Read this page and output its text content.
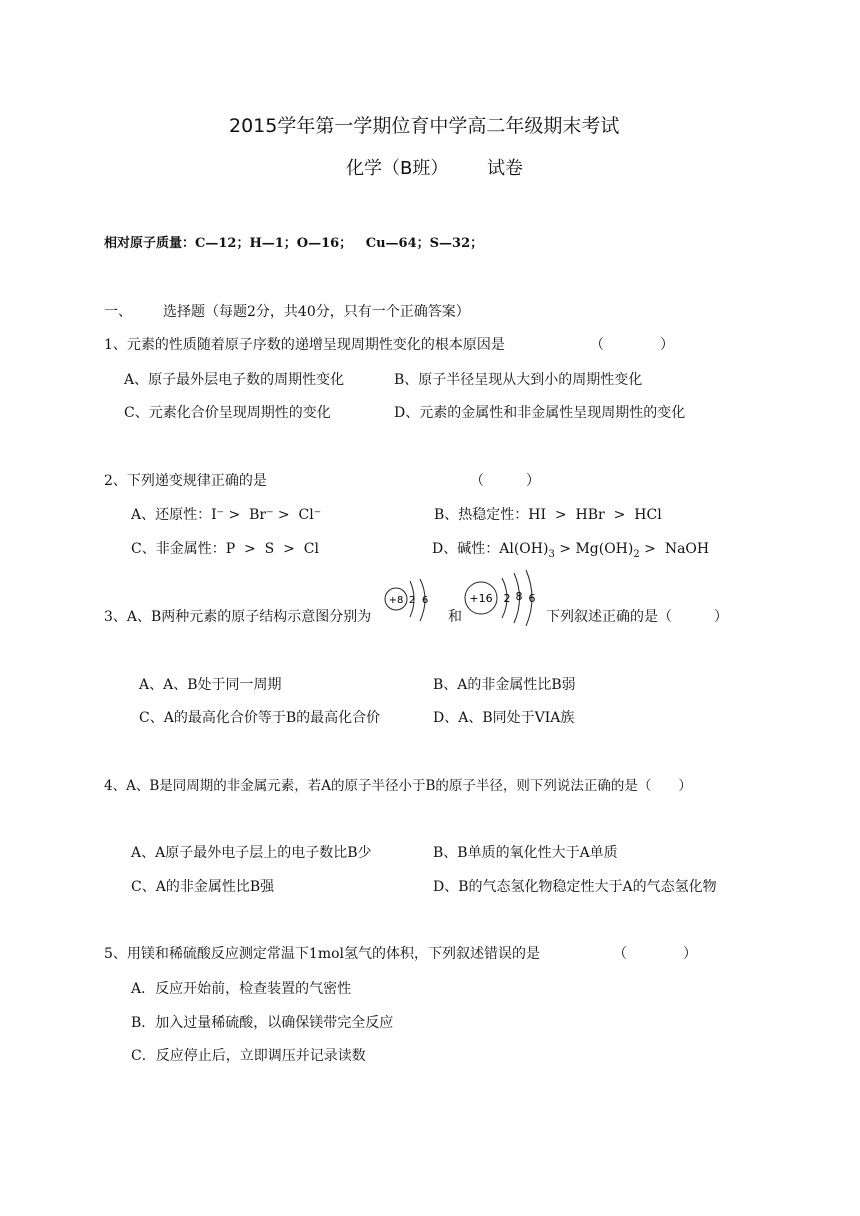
2015学年第一学期位育中学高二年级期末考试
化学（B班） 试卷
相对原子质量：C—12；H—1；O—16；   Cu—64；S—32；
一、 选择题（每题2分，共40分，只有一个正确答案）
1、元素的性质随着原子序数的递增呈现周期性变化的根本原因是	（　　　　）
A、原子最外层电子数的周期性变化	B、原子半径呈现从大到小的周期性变化
C、元素化合价呈现周期性的变化	D、元素的金属性和非金属性呈现周期性的变化
2、下列递变规律正确的是	（　　　）
A、还原性：I⁻ >  Br⁻ >  Cl⁻	B、热稳定性：HI  >  HBr  >  HCl
C、非金属性：P  >  S  >  Cl	D、碱性：$Al(OH)_3 > Mg(OH)_2$ >  NaOH
3、A、B两种元素的原子结构示意图分别为
+8 2 6
和
+16 2 8 6
下列叙述正确的是（　　　）
A、A、B处于同一周期	B、A的非金属性比B弱
C、A的最高化合价等于B的最高化合价	D、A、B同处于VIA族
4、A、B是同周期的非金属元素，若A的原子半径小于B的原子半径，则下列说法正确的是（　　）
A、A原子最外电子层上的电子数比B少	B、B单质的氧化性大于A单质
C、A的非金属性比B强	D、B的气态氢化物稳定性大于A的气态氢化物
5、用镁和稀硫酸反应测定常温下1mol氢气的体积，下列叙述错误的是	（　　　　）
A．反应开始前，检查装置的气密性
B．加入过量稀硫酸，以确保镁带完全反应
C．反应停止后，立即调压并记录读数
